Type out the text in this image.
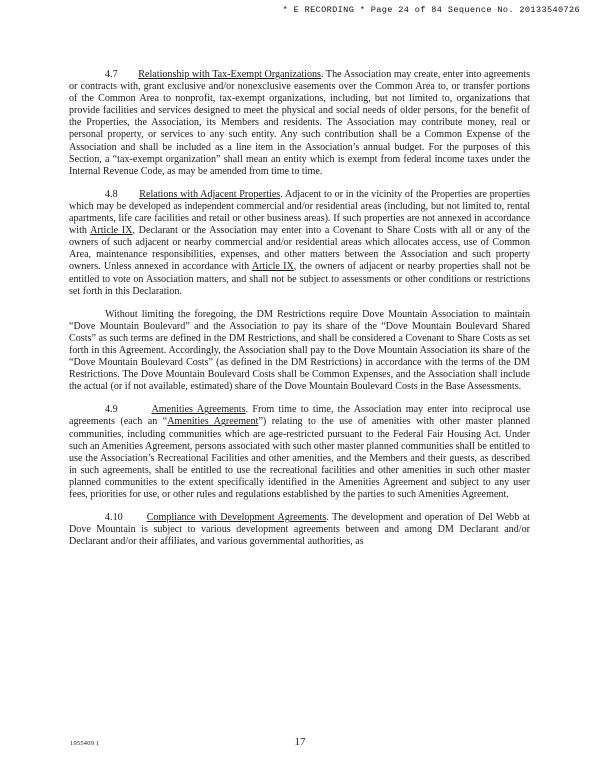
* E RECORDING * Page 24 of 84 Sequence No. 20133540726

4.7 Relationship with Tax-Exempt Organizations. The Association may create, enter into agreements or contracts with, grant exclusive and/or nonexclusive easements over the Common Area to, or transfer portions of the Common Area to nonprofit, tax-exempt organizations, including, but not limited to, organizations that provide facilities and services designed to meet the physical and social needs of older persons, for the benefit of the Properties, the Association, its Members and residents. The Association may contribute money, real or personal property, or services to any such entity. Any such contribution shall be a Common Expense of the Association and shall be included as a line item in the Association’s annual budget. For the purposes of this Section, a “tax-exempt organization” shall mean an entity which is exempt from federal income taxes under the Internal Revenue Code, as may be amended from time to time.

4.8 Relations with Adjacent Properties. Adjacent to or in the vicinity of the Properties are properties which may be developed as independent commercial and/or residential areas (including, but not limited to, rental apartments, life care facilities and retail or other business areas). If such properties are not annexed in accordance with Article IX, Declarant or the Association may enter into a Covenant to Share Costs with all or any of the owners of such adjacent or nearby commercial and/or residential areas which allocates access, use of Common Area, maintenance responsibilities, expenses, and other matters between the Association and such property owners. Unless annexed in accordance with Article IX, the owners of adjacent or nearby properties shall not be entitled to vote on Association matters, and shall not be subject to assessments or other conditions or restrictions set forth in this Declaration.

Without limiting the foregoing, the DM Restrictions require Dove Mountain Association to maintain “Dove Mountain Boulevard” and the Association to pay its share of the “Dove Mountain Boulevard Shared Costs” as such terms are defined in the DM Restrictions, and shall be considered a Covenant to Share Costs as set forth in this Agreement. Accordingly, the Association shall pay to the Dove Mountain Association its share of the “Dove Mountain Boulevard Costs” (as defined in the DM Restrictions) in accordance with the terms of the DM Restrictions. The Dove Mountain Boulevard Costs shall be Common Expenses, and the Association shall include the actual (or if not available, estimated) share of the Dove Mountain Boulevard Costs in the Base Assessments.

4.9	Amenities Agreements. From time to time, the Association may enter into reciprocal use agreements (each an “Amenities Agreement”) relating to the use of amenities with other master planned communities, including communities which are age-restricted pursuant to the Federal Fair Housing Act. Under such an Amenities Agreement, persons associated with such other master planned communities shall be entitled to use the Association’s Recreational Facilities and other amenities, and the Members and their guests, as described in such agreements, shall be entitled to use the recreational facilities and other amenities in such other master planned communities to the extent specifically identified in the Amenities Agreement and subject to any user fees, priorities for use, or other rules and regulations established by the parties to such Amenities Agreement.

4.10 Compliance with Development Agreements. The development and operation of Del Webb at Dove Mountain is subject to various development agreements between and among DM Declarant and/or Declarant and/or their affiliates, and various governmental authorities, as

1955409 1	17
